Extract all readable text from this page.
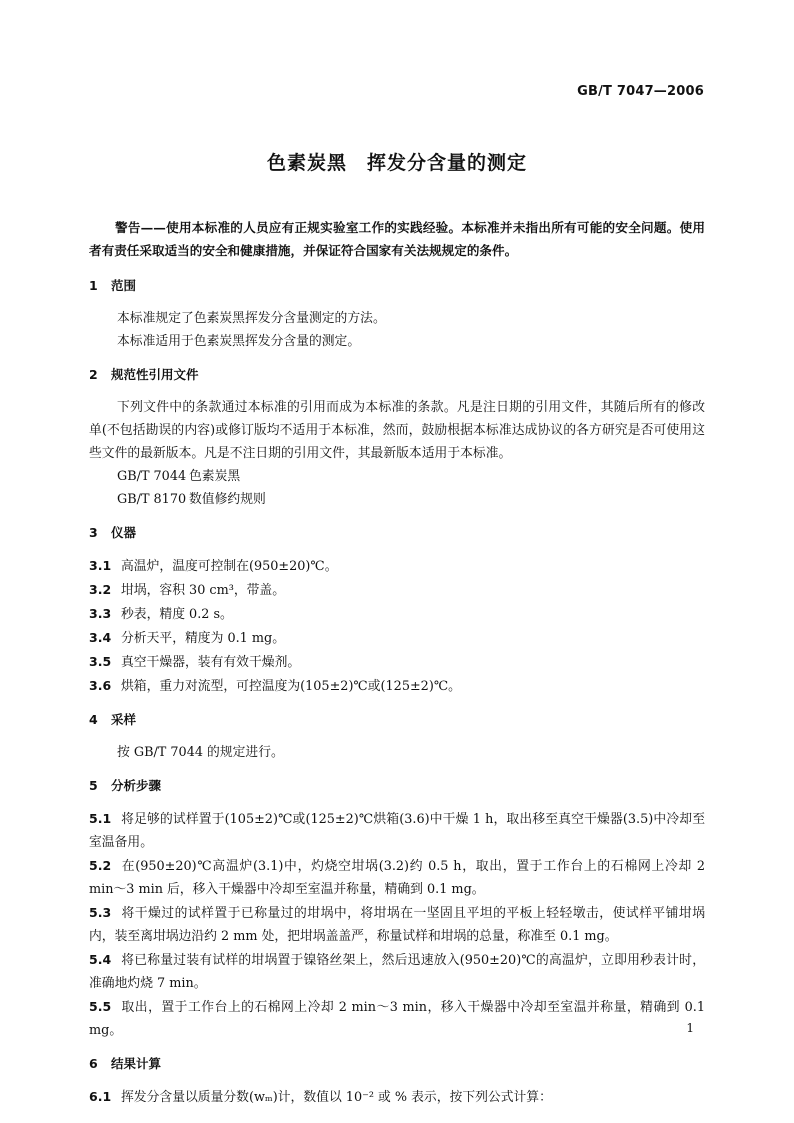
GB/T 7047—2006
色素炭黑　挥发分含量的测定

警告——使用本标准的人员应有正规实验室工作的实践经验。本标准并未指出所有可能的安全问题。使用者有责任采取适当的安全和健康措施，并保证符合国家有关法规规定的条件。

1 范围

本标准规定了色素炭黑挥发分含量测定的方法。

本标准适用于色素炭黑挥发分含量的测定。

2 规范性引用文件

下列文件中的条款通过本标准的引用而成为本标准的条款。凡是注日期的引用文件，其随后所有的修改单(不包括勘误的内容)或修订版均不适用于本标准，然而，鼓励根据本标准达成协议的各方研究是否可使用这些文件的最新版本。凡是不注日期的引用文件，其最新版本适用于本标准。

GB/T 7044 色素炭黑

GB/T 8170 数值修约规则

3 仪器

3.1 高温炉，温度可控制在(950±20)℃。

3.2 坩埚，容积 30 cm³，带盖。

3.3 秒表，精度 0.2 s。

3.4 分析天平，精度为 0.1 mg。

3.5 真空干燥器，装有有效干燥剂。

3.6 烘箱，重力对流型，可控温度为(105±2)℃或(125±2)℃。

4 采样

按 GB/T 7044 的规定进行。

5 分析步骤

5.1 将足够的试样置于(105±2)℃或(125±2)℃烘箱(3.6)中干燥 1 h，取出移至真空干燥器(3.5)中冷却至室温备用。

5.2 在(950±20)℃高温炉(3.1)中，灼烧空坩埚(3.2)约 0.5 h，取出，置于工作台上的石棉网上冷却 2 min～3 min 后，移入干燥器中冷却至室温并称量，精确到 0.1 mg。

5.3 将干燥过的试样置于已称量过的坩埚中，将坩埚在一坚固且平坦的平板上轻轻墩击，使试样平铺坩埚内，装至离坩埚边沿约 2 mm 处，把坩埚盖盖严，称量试样和坩埚的总量，称准至 0.1 mg。

5.4 将已称量过装有试样的坩埚置于镍铬丝架上，然后迅速放入(950±20)℃的高温炉，立即用秒表计时，准确地灼烧 7 min。

5.5 取出，置于工作台上的石棉网上冷却 2 min～3 min，移入干燥器中冷却至室温并称量，精确到 0.1 mg。

6 结果计算

6.1 挥发分含量以质量分数(wₘ)计，数值以 10⁻² 或 % 表示，按下列公式计算：

1
